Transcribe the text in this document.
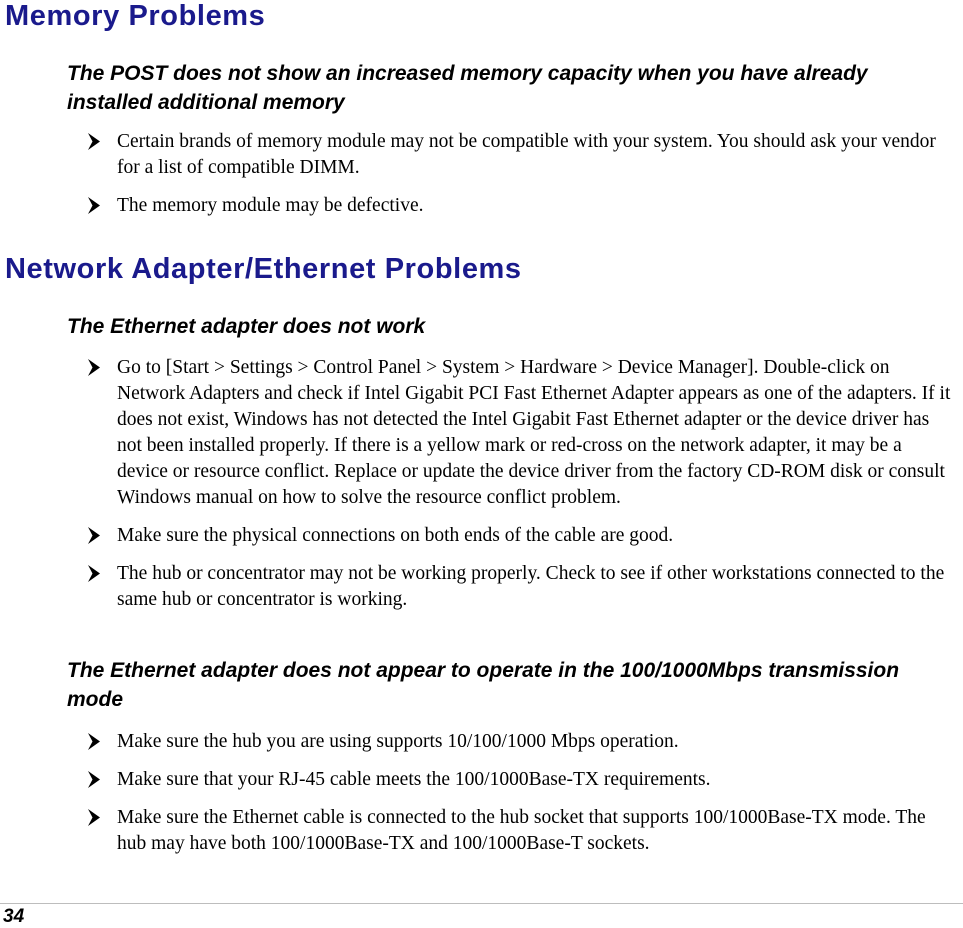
Memory Problems
The POST does not show an increased memory capacity when you have already installed additional memory
Certain brands of memory module may not be compatible with your system. You should ask your vendor for a list of compatible DIMM.
The memory module may be defective.
Network Adapter/Ethernet Problems
The Ethernet adapter does not work
Go to [Start > Settings > Control Panel > System > Hardware > Device Manager]. Double-click on Network Adapters and check if Intel Gigabit PCI Fast Ethernet Adapter appears as one of the adapters. If it does not exist, Windows has not detected the Intel Gigabit Fast Ethernet adapter or the device driver has not been installed properly. If there is a yellow mark or red-cross on the network adapter, it may be a device or resource conflict. Replace or update the device driver from the factory CD-ROM disk or consult Windows manual on how to solve the resource conflict problem.
Make sure the physical connections on both ends of the cable are good.
The hub or concentrator may not be working properly. Check to see if other workstations connected to the same hub or concentrator is working.
The Ethernet adapter does not appear to operate in the 100/1000Mbps transmission mode
Make sure the hub you are using supports 10/100/1000 Mbps operation.
Make sure that your RJ-45 cable meets the 100/1000Base-TX requirements.
Make sure the Ethernet cable is connected to the hub socket that supports 100/1000Base-TX mode. The hub may have both 100/1000Base-TX and 100/1000Base-T sockets.
34
